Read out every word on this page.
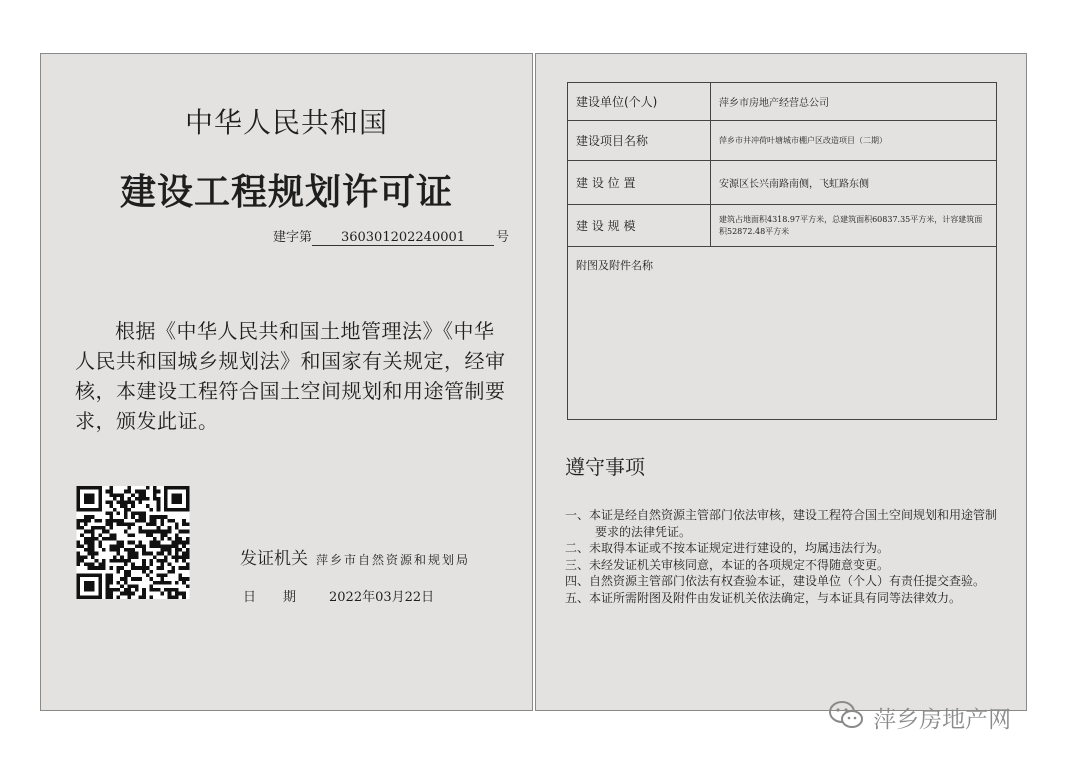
中华人民共和国
建设工程规划许可证
建字第 360301202240001 号
根据《中华人民共和国土地管理法》《中华人民共和国城乡规划法》和国家有关规定，经审核，本建设工程符合国土空间规划和用途管制要求，颁发此证。
发证机关 萍乡市自然资源和规划局
日期 2022年03月22日
建设单位(个人)	萍乡市房地产经营总公司
建设项目名称	萍乡市井冲荷叶塘城市棚户区改造项目（二期）
建 设 位 置	安源区长兴南路南侧，飞虹路东侧
建 设 规 模	建筑占地面积4318.97平方米，总建筑面积60837.35平方米，计容建筑面积52872.48平方米
附图及附件名称	
遵守事项
一、本证是经自然资源主管部门依法审核，建设工程符合国土空间规划和用途管制要求的法律凭证。
二、未取得本证或不按本证规定进行建设的，均属违法行为。
三、未经发证机关审核同意，本证的各项规定不得随意变更。
四、自然资源主管部门依法有权查验本证，建设单位（个人）有责任提交查验。
五、本证所需附图及附件由发证机关依法确定，与本证具有同等法律效力。
萍乡房地产网
